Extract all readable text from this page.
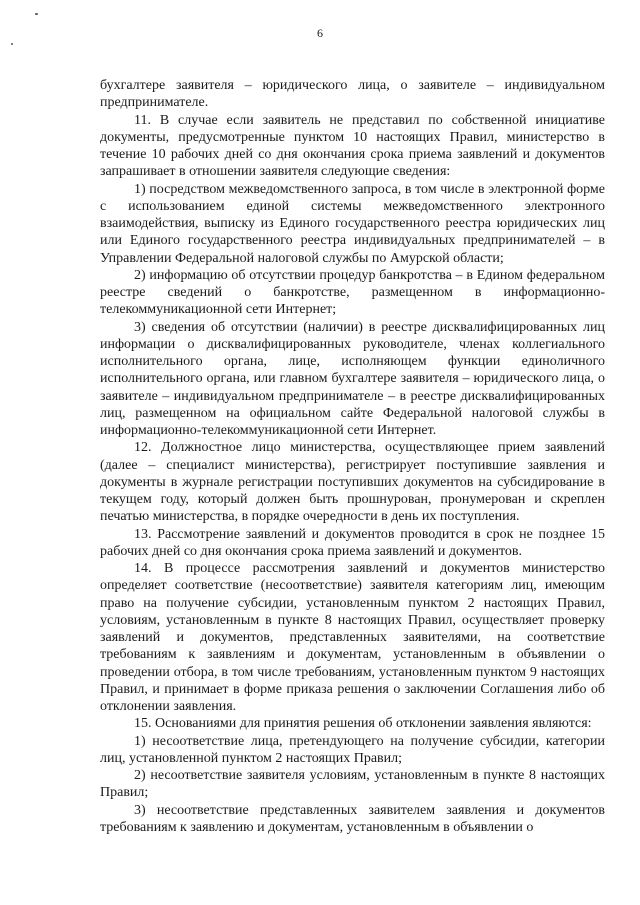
6

бухгалтере заявителя – юридического лица, о заявителе – индивидуальном предпринимателе.

11. В случае если заявитель не представил по собственной инициативе документы, предусмотренные пунктом 10 настоящих Правил, министерство в течение 10 рабочих дней со дня окончания срока приема заявлений и документов запрашивает в отношении заявителя следующие сведения:

1) посредством межведомственного запроса, в том числе в электронной форме с использованием единой системы межведомственного электронного взаимодействия, выписку из Единого государственного реестра юридических лиц или Единого государственного реестра индивидуальных предпринимателей – в Управлении Федеральной налоговой службы по Амурской области;

2) информацию об отсутствии процедур банкротства – в Едином федеральном реестре сведений о банкротстве, размещенном в информационно-телекоммуникационной сети Интернет;

3) сведения об отсутствии (наличии) в реестре дисквалифицированных лиц информации о дисквалифицированных руководителе, членах коллегиального исполнительного органа, лице, исполняющем функции единоличного исполнительного органа, или главном бухгалтере заявителя – юридического лица, о заявителе – индивидуальном предпринимателе – в реестре дисквалифицированных лиц, размещенном на официальном сайте Федеральной налоговой службы в информационно-телекоммуникационной сети Интернет.

12. Должностное лицо министерства, осуществляющее прием заявлений (далее – специалист министерства), регистрирует поступившие заявления и документы в журнале регистрации поступивших документов на субсидирование в текущем году, который должен быть прошнурован, пронумерован и скреплен печатью министерства, в порядке очередности в день их поступления.

13. Рассмотрение заявлений и документов проводится в срок не позднее 15 рабочих дней со дня окончания срока приема заявлений и документов.

14. В процессе рассмотрения заявлений и документов министерство определяет соответствие (несоответствие) заявителя категориям лиц, имеющим право на получение субсидии, установленным пунктом 2 настоящих Правил, условиям, установленным в пункте 8 настоящих Правил, осуществляет проверку заявлений и документов, представленных заявителями, на соответствие требованиям к заявлениям и документам, установленным в объявлении о проведении отбора, в том числе требованиям, установленным пунктом 9 настоящих Правил, и принимает в форме приказа решения о заключении Соглашения либо об отклонении заявления.

15. Основаниями для принятия решения об отклонении заявления являются:

1) несоответствие лица, претендующего на получение субсидии, категории лиц, установленной пунктом 2 настоящих Правил;

2) несоответствие заявителя условиям, установленным в пункте 8 настоящих Правил;

3) несоответствие представленных заявителем заявления и документов требованиям к заявлению и документам, установленным в объявлении о
